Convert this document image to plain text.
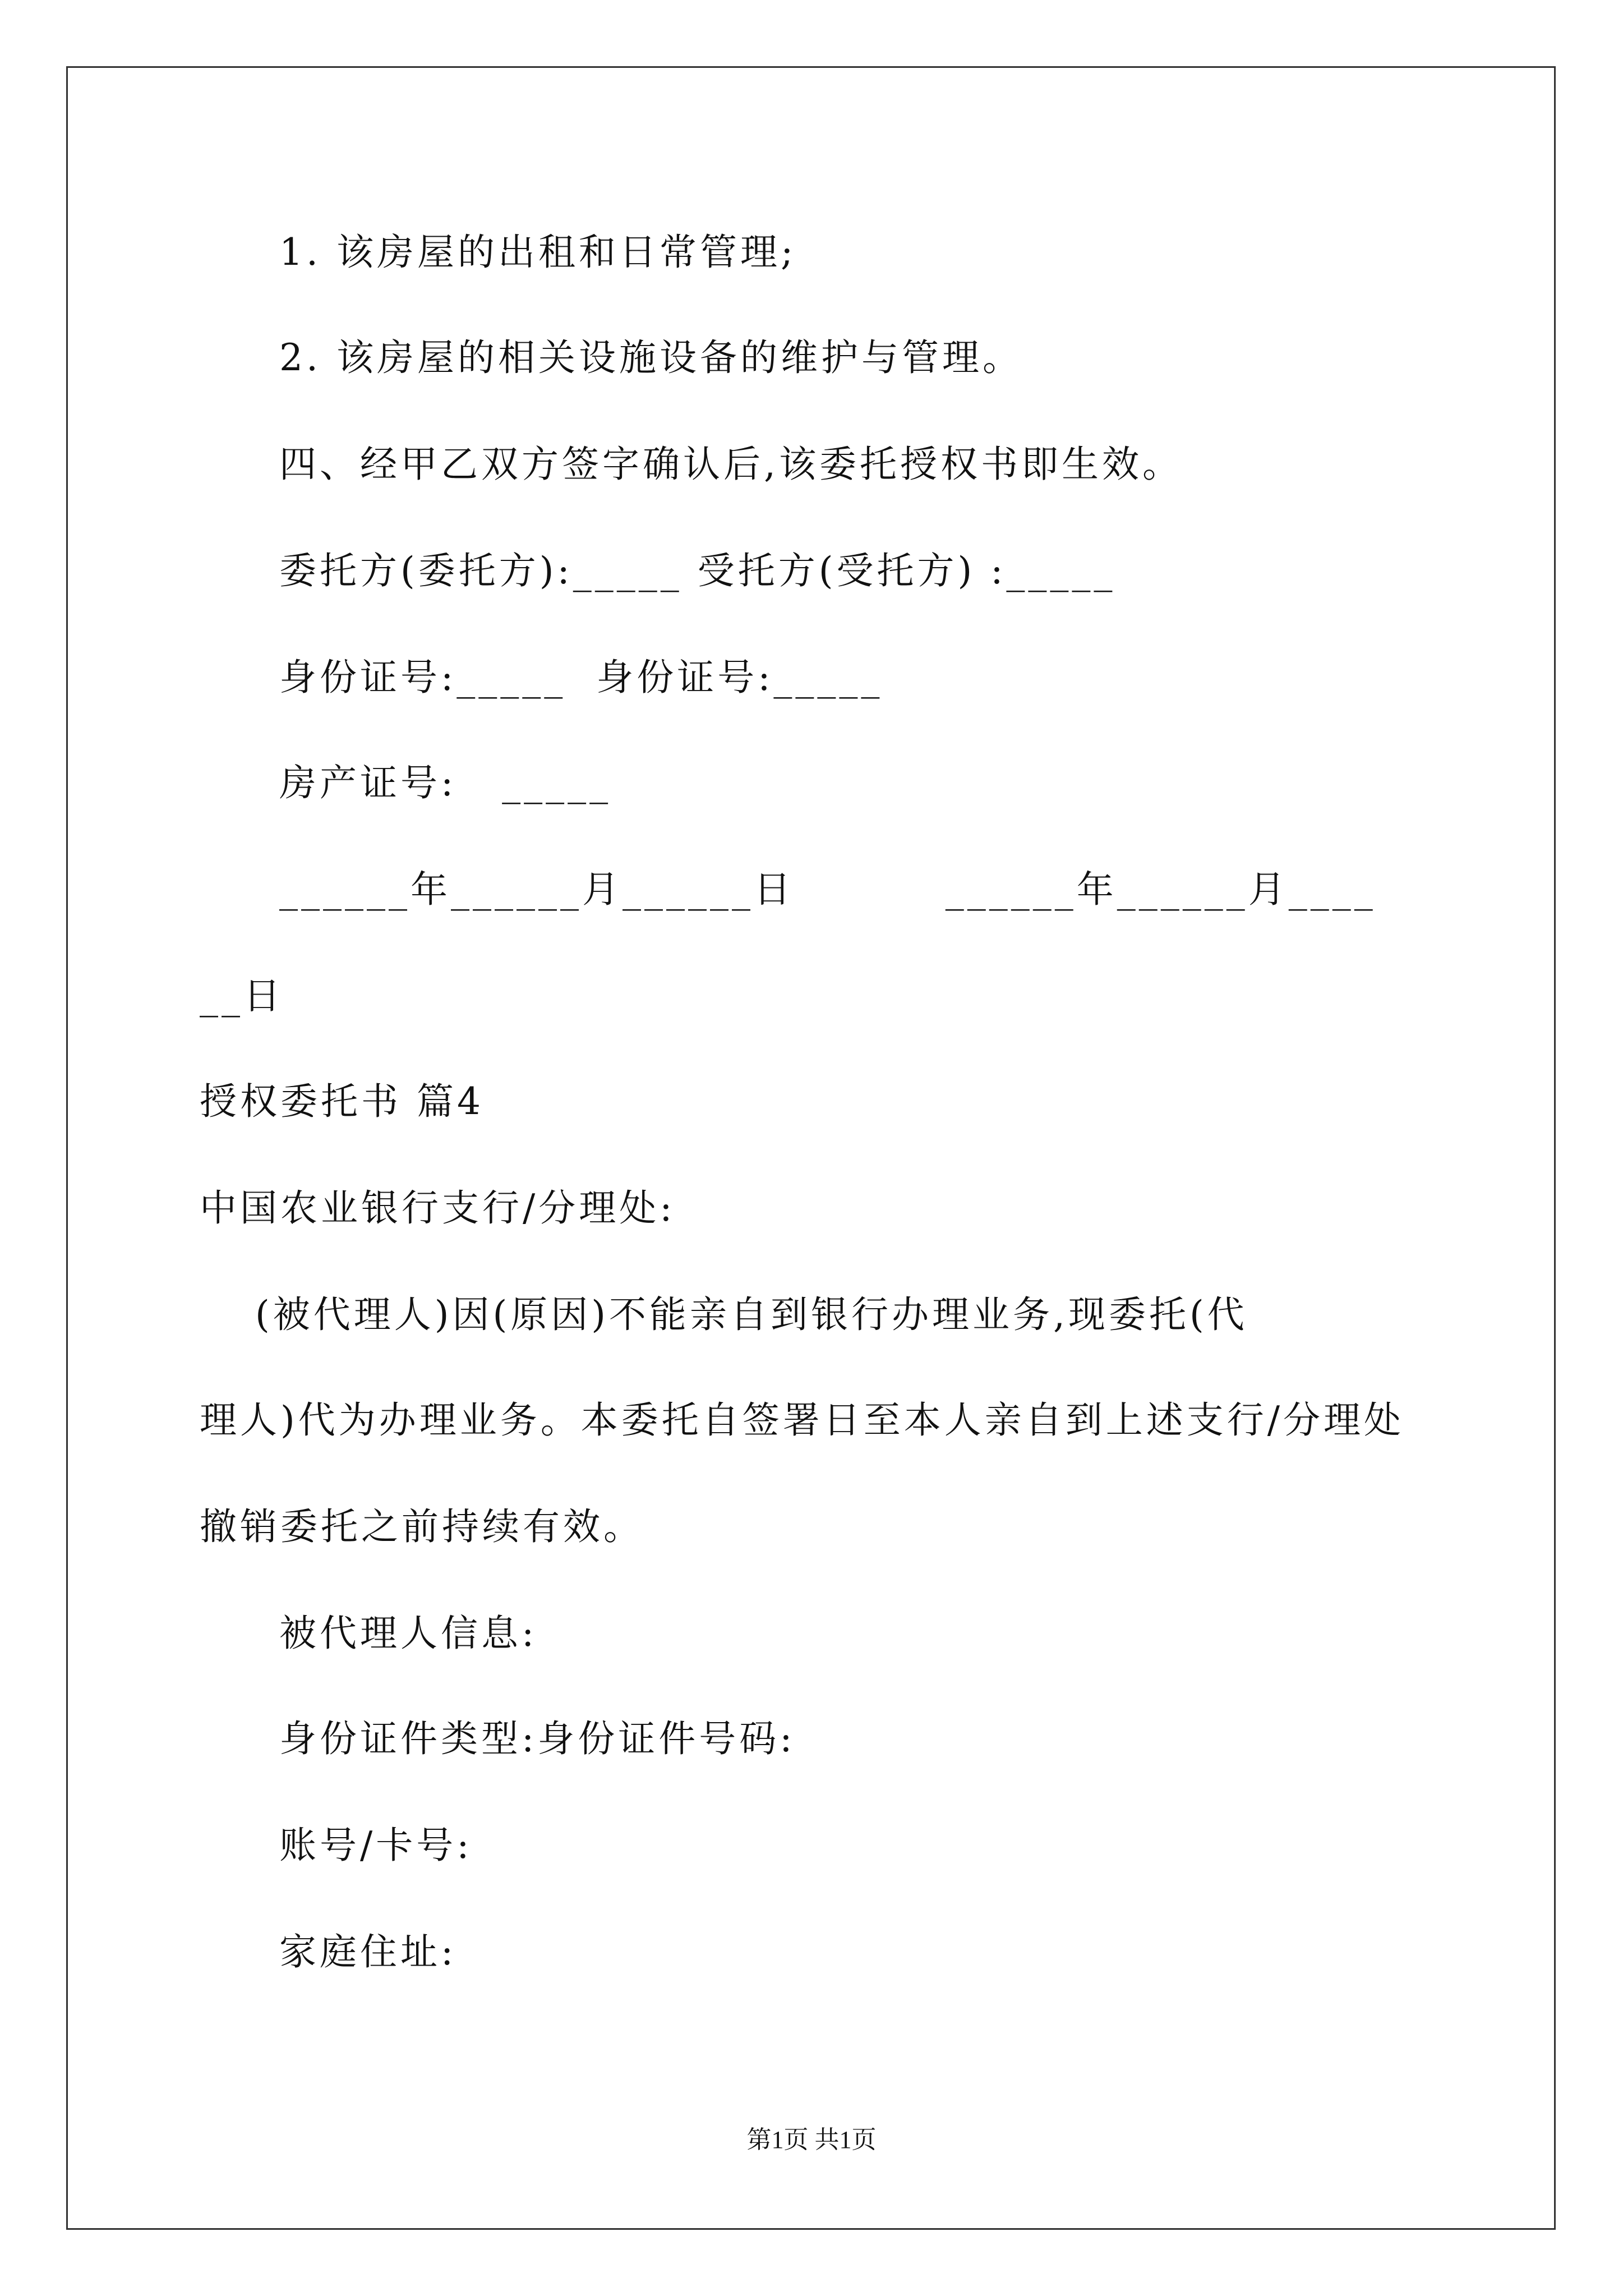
1. 该房屋的出租和日常管理;
2. 该房屋的相关设施设备的维护与管理。
四、经甲乙双方签字确认后,该委托授权书即生效。
委托方(委托方):_____ 受托方(受托方) :_____
身份证号:_____  身份证号:_____
房产证号:   _____
______年______月______日          ______年______月____
__日
授权委托书 篇4
中国农业银行支行/分理处:
(被代理人)因(原因)不能亲自到银行办理业务,现委托(代
理人)代为办理业务。本委托自签署日至本人亲自到上述支行/分理处
撤销委托之前持续有效。
被代理人信息:
身份证件类型:身份证件号码:
账号/卡号:
家庭住址:
第1页 共1页
